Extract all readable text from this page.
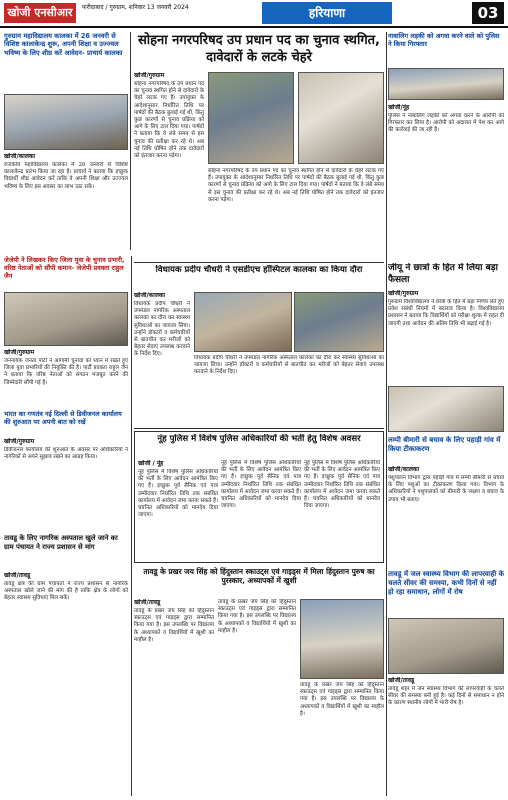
खोजी एनसीआर	फरीदाबाद / गुरुग्राम, शनिवार 13 जनवरी 2024	हरियाणा	03
गुरुग्राम महाविद्यालय कालका में 26 जनवरी से विशिष्ट कालाकेन्द्र शुरू, अपनी शिक्षा व उज्ज्वल भविष्य के लिए शीघ्र करें आवेदन- प्राचार्य कालका
खोजी/कालका
राजकीय महाविद्यालय कालका में 26 जनवरी से विशिष्ट कालाकेन्द्र प्रारंभ किया जा रहा है। प्राचार्य ने बताया कि इच्छुक विद्यार्थी शीघ्र आवेदन करें ताकि वे अपनी शिक्षा और उज्ज्वल भविष्य के लिए इस अवसर का लाभ उठा सकें।
सोहना नगरपरिषद उप प्रधान पद का चुनाव स्थगित, दावेदारों के लटके चेहरे
खोजी/गुरुग्राम
सोहना नगरपरिषद के उप प्रधान पद का चुनाव स्थगित होने से दावेदारों के चेहरे लटक गए हैं। उपायुक्त के आदेशानुसार निर्धारित तिथि पर पार्षदों की बैठक बुलाई गई थी, किंतु कुछ कारणों से चुनाव प्रक्रिया को आगे के लिए टाल दिया गया। पार्षदों ने बताया कि वे लंबे समय से इस चुनाव की प्रतीक्षा कर रहे थे। अब नई तिथि घोषित होने तक दावेदारों को इंतजार करना पड़ेगा।
सोहना नगरपरिषद के उप प्रधान पद का चुनाव स्थगित होने से दावेदारों के चेहरे लटक गए हैं। उपायुक्त के आदेशानुसार निर्धारित तिथि पर पार्षदों की बैठक बुलाई गई थी, किंतु कुछ कारणों से चुनाव प्रक्रिया को आगे के लिए टाल दिया गया। पार्षदों ने बताया कि वे लंबे समय से इस चुनाव की प्रतीक्षा कर रहे थे। अब नई तिथि घोषित होने तक दावेदारों को इंतजार करना पड़ेगा।
नाबालिग लड़की को अगवा करने वाले को पुलिस ने किया गिरफ्तार
खोजी/नूंह
पुलिस ने नाबालिग लड़की को अगवा करने के आरोपी को गिरफ्तार कर लिया है। आरोपी को अदालत में पेश कर आगे की कार्रवाई की जा रही है।
जेजेपी ने लिखकर किए जिला युवा के चुनाव प्रभारी, वरिष्ठ नेताओं को सौंपी कमान- जेजेपी प्रवक्ता राहुल जैन
खोजी/गुरुग्राम
जननायक जनता पार्टी ने आगामी चुनावों को ध्यान में रखते हुए जिला युवा प्रभारियों की नियुक्ति की है। पार्टी प्रवक्ता राहुल जैन ने बताया कि वरिष्ठ नेताओं को संगठन मजबूत करने की जिम्मेदारी सौंपी गई है।
विधायक प्रदीप चौधरी ने एसडीएच हॉस्पिटल कालका का किया दौरा
खोजी/कालका
विधायक प्रदीप चौधरी ने उपमंडल नागरिक अस्पताल कालका का दौरा कर स्वास्थ्य सुविधाओं का जायजा लिया। उन्होंने डॉक्टरों व कर्मचारियों से बातचीत कर मरीजों को बेहतर सेवाएं उपलब्ध करवाने के निर्देश दिए।
विधायक प्रदीप चौधरी ने उपमंडल नागरिक अस्पताल कालका का दौरा कर स्वास्थ्य सुविधाओं का जायजा लिया। उन्होंने डॉक्टरों व कर्मचारियों से बातचीत कर मरीजों को बेहतर सेवाएं उपलब्ध करवाने के निर्देश दिए।
जीयू ने छात्रों के हित में लिया बड़ा फैसला
खोजी/गुरुग्राम
गुरुग्राम विश्वविद्यालय ने छात्रों के हित में बड़ा निर्णय लेते हुए प्रवेश संबंधी नियमों में बदलाव किया है। विश्वविद्यालय प्रशासन ने बताया कि विद्यार्थियों को परीक्षा शुल्क में राहत दी जाएगी तथा आवेदन की अंतिम तिथि भी बढ़ाई गई है।
भारत का गणतंत्र नई दिल्ली से डिवीजनल कार्यालय की शुरुआत पर अपनी बात को रखें
खोजी/गुरुग्राम
डिवीजनल कार्यालय की शुरुआत के अवसर पर अधिकारियों ने नागरिकों से अपने सुझाव रखने का आग्रह किया।
नूंह पुलिस में विशेष पुलिस अधिकारियों की भर्ती हेतु विशेष अवसर
खोजी / नूंह
नूंह पुलिस में विशेष पुलिस अधिकारियों की भर्ती के लिए आवेदन आमंत्रित किए गए हैं। इच्छुक पूर्व सैनिक एवं पात्र उम्मीदवार निर्धारित तिथि तक संबंधित कार्यालय में आवेदन जमा करवा सकते हैं। चयनित अधिकारियों को मानदेय दिया जाएगा।
नूंह पुलिस में विशेष पुलिस अधिकारियों की भर्ती के लिए आवेदन आमंत्रित किए गए हैं। इच्छुक पूर्व सैनिक एवं पात्र उम्मीदवार निर्धारित तिथि तक संबंधित कार्यालय में आवेदन जमा करवा सकते हैं। चयनित अधिकारियों को मानदेय दिया जाएगा।
नूंह पुलिस में विशेष पुलिस अधिकारियों की भर्ती के लिए आवेदन आमंत्रित किए गए हैं। इच्छुक पूर्व सैनिक एवं पात्र उम्मीदवार निर्धारित तिथि तक संबंधित कार्यालय में आवेदन जमा करवा सकते हैं। चयनित अधिकारियों को मानदेय दिया जाएगा।
लम्पी बीमारी से बचाव के लिए पहाड़ी गांव में किया टीकाकरण
खोजी/कालका
पशुपालन विभाग द्वारा पहाड़ी गांव में लम्पी बीमारी से बचाव के लिए पशुओं का टीकाकरण किया गया। विभाग के अधिकारियों ने पशुपालकों को बीमारी के लक्षण व बचाव के उपाय भी बताए।
तावडू के लिए नागरिक अस्पताल खुले जाने का ग्राम पंचायत ने राज्य प्रशासन से मांग
खोजी/तावडू
तावडू क्षेत्र की ग्राम पंचायतों ने राज्य प्रशासन से नागरिक अस्पताल खोले जाने की मांग की है ताकि क्षेत्र के लोगों को बेहतर स्वास्थ्य सुविधाएं मिल सकें।
तावडू के प्रखर जय सिंह को हिंदुस्तान स्काउट्स एवं गाइड्स में मिला हिंदुस्तान पुरुष का पुरस्कार, अध्यापकों में खुशी
खोजी/तावडू
तावडू के प्रखर जय सिंह को हिंदुस्तान स्काउट्स एवं गाइड्स द्वारा सम्मानित किया गया है। इस उपलब्धि पर विद्यालय के अध्यापकों व विद्यार्थियों में खुशी का माहौल है।
तावडू के प्रखर जय सिंह को हिंदुस्तान स्काउट्स एवं गाइड्स द्वारा सम्मानित किया गया है। इस उपलब्धि पर विद्यालय के अध्यापकों व विद्यार्थियों में खुशी का माहौल है।
तावडू के प्रखर जय सिंह को हिंदुस्तान स्काउट्स एवं गाइड्स द्वारा सम्मानित किया गया है। इस उपलब्धि पर विद्यालय के अध्यापकों व विद्यार्थियों में खुशी का माहौल है।
तावडू में जल स्वास्थ्य विभाग की लापरवाही के चलते सीवर की समस्या, कभी दिनों से नहीं हो रहा समाधान, लोगों में रोष
खोजी/तावडू
तावडू शहर में जन स्वास्थ्य विभाग की लापरवाही के चलते सीवर की समस्या बनी हुई है। कई दिनों से समाधान न होने के कारण स्थानीय लोगों में भारी रोष है।
